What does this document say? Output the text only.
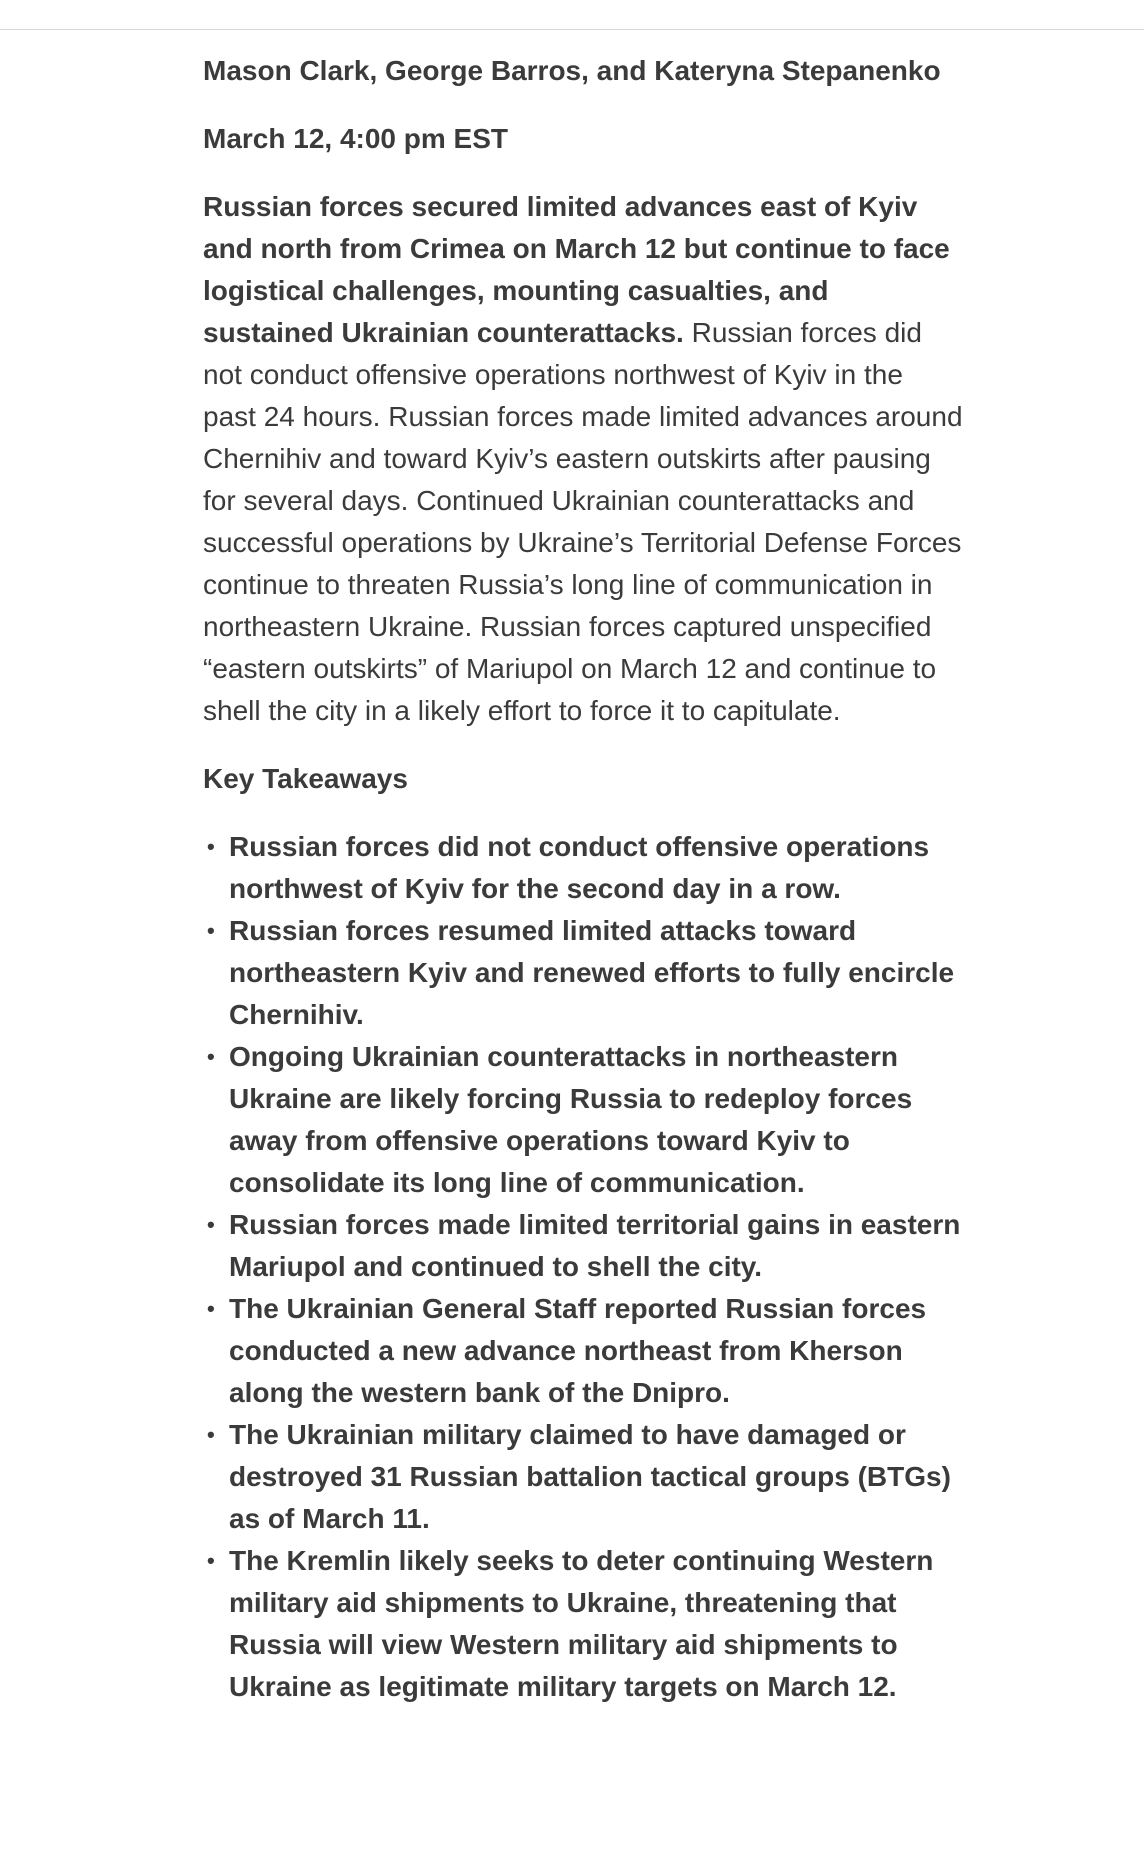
Mason Clark, George Barros, and Kateryna Stepanenko

March 12, 4:00 pm EST

Russian forces secured limited advances east of Kyiv and north from Crimea on March 12 but continue to face logistical challenges, mounting casualties, and sustained Ukrainian counterattacks. Russian forces did not conduct offensive operations northwest of Kyiv in the past 24 hours. Russian forces made limited advances around Chernihiv and toward Kyiv’s eastern outskirts after pausing for several days. Continued Ukrainian counterattacks and successful operations by Ukraine’s Territorial Defense Forces continue to threaten Russia’s long line of communication in northeastern Ukraine. Russian forces captured unspecified “eastern outskirts” of Mariupol on March 12 and continue to shell the city in a likely effort to force it to capitulate.

Key Takeaways

• Russian forces did not conduct offensive operations northwest of Kyiv for the second day in a row.
• Russian forces resumed limited attacks toward northeastern Kyiv and renewed efforts to fully encircle Chernihiv.
• Ongoing Ukrainian counterattacks in northeastern Ukraine are likely forcing Russia to redeploy forces away from offensive operations toward Kyiv to consolidate its long line of communication.
• Russian forces made limited territorial gains in eastern Mariupol and continued to shell the city.
• The Ukrainian General Staff reported Russian forces conducted a new advance northeast from Kherson along the western bank of the Dnipro.
• The Ukrainian military claimed to have damaged or destroyed 31 Russian battalion tactical groups (BTGs) as of March 11.
• The Kremlin likely seeks to deter continuing Western military aid shipments to Ukraine, threatening that Russia will view Western military aid shipments to Ukraine as legitimate military targets on March 12.
